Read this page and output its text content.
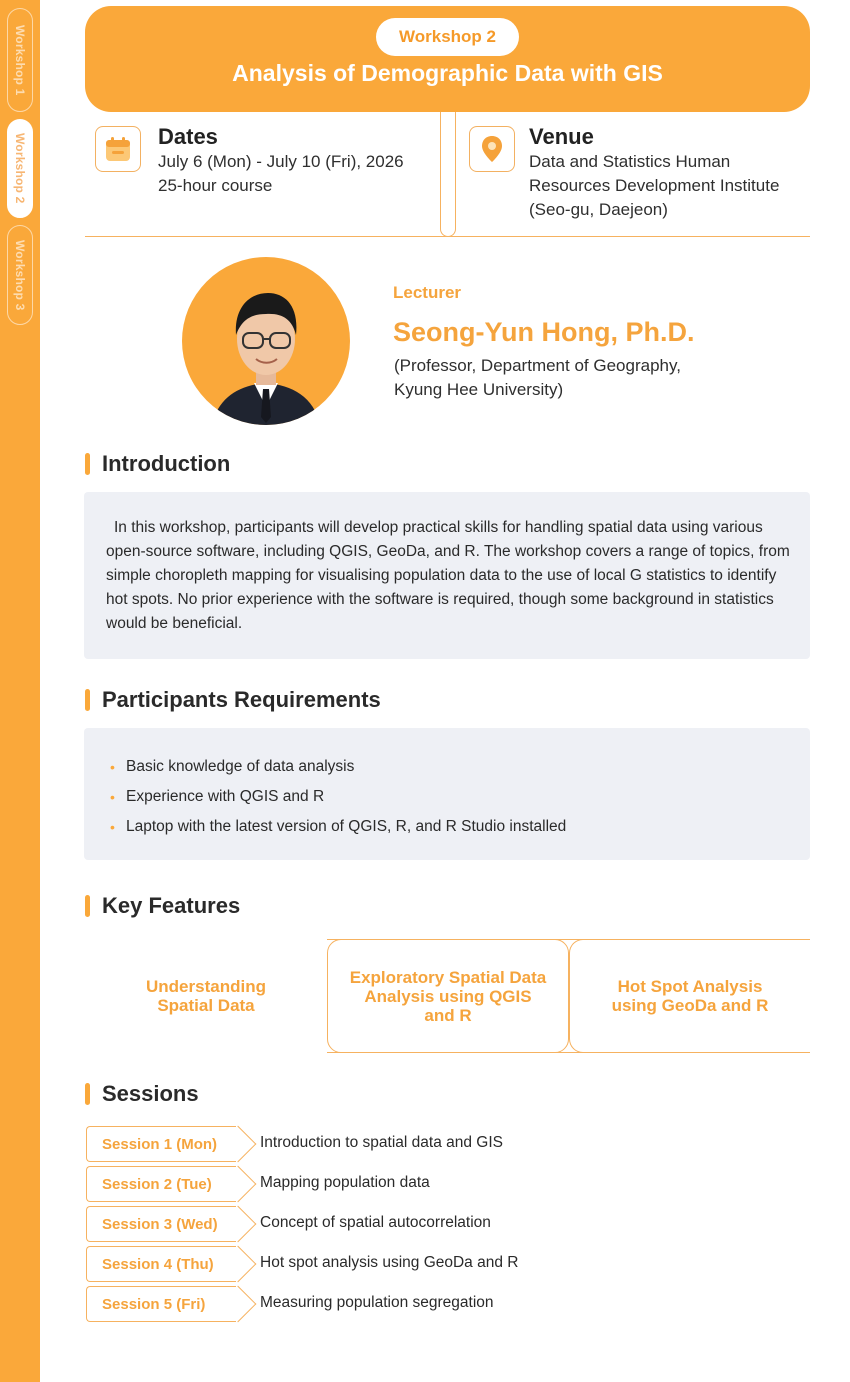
Workshop 1
Workshop 2
Workshop 3
Workshop 2
Analysis of Demographic Data with GIS
Dates
July 6 (Mon) - July 10 (Fri), 2026
25-hour course
Venue
Data and Statistics Human
Resources Development Institute
(Seo-gu, Daejeon)
Lecturer
Seong-Yun Hong, Ph.D.
(Professor, Department of Geography,
Kyung Hee University)
Introduction

In this workshop, participants will develop practical skills for handling spatial data using various open-source software, including QGIS, GeoDa, and R. The workshop covers a range of topics, from simple choropleth mapping for visualising population data to the use of local G statistics to identify hot spots. No prior experience with the software is required, though some background in statistics would be beneficial.

Participants Requirements
• Basic knowledge of data analysis
• Experience with QGIS and R
• Laptop with the latest version of QGIS, R, and R Studio installed
Key Features
Understanding
Spatial Data
Exploratory Spatial Data
Analysis using QGIS
and R
Hot Spot Analysis
using GeoDa and R
Sessions
Session 1 (Mon)	Introduction to spatial data and GIS
Session 2 (Tue)	Mapping population data
Session 3 (Wed)	Concept of spatial autocorrelation
Session 4 (Thu)	Hot spot analysis using GeoDa and R
Session 5 (Fri)	Measuring population segregation
